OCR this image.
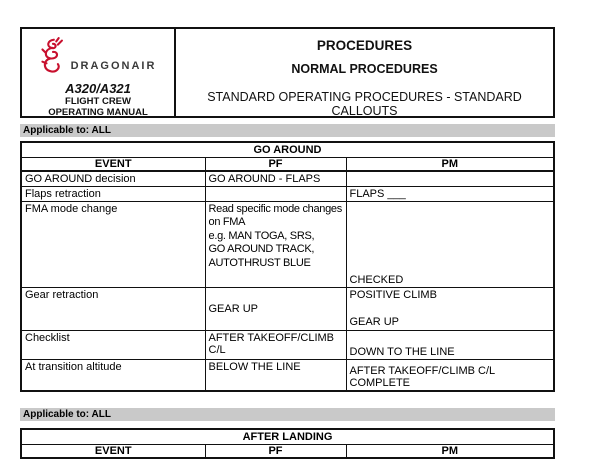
DRAGONAIR
A320/A321
FLIGHT CREW
OPERATING MANUAL
PROCEDURES
NORMAL PROCEDURES
STANDARD OPERATING PROCEDURES - STANDARD CALLOUTS
Applicable to: ALL
GO AROUND		
EVENT	PF	PM
GO AROUND decision	GO AROUND - FLAPS	
Flaps retraction		FLAPS ___
FMA mode change	Read specific mode changes
on FMA
e.g. MAN TOGA, SRS,
GO AROUND TRACK,
AUTOTHRUST BLUE	CHECKED
Gear retraction	GEAR UP	POSITIVE CLIMB
GEAR UP

Checklist	AFTER TAKEOFF/CLIMB C/L	DOWN TO THE LINE
At transition altitude	BELOW THE LINE	AFTER TAKEOFF/CLIMB C/L COMPLETE
Applicable to: ALL
AFTER LANDING
EVENT	PF	PM
